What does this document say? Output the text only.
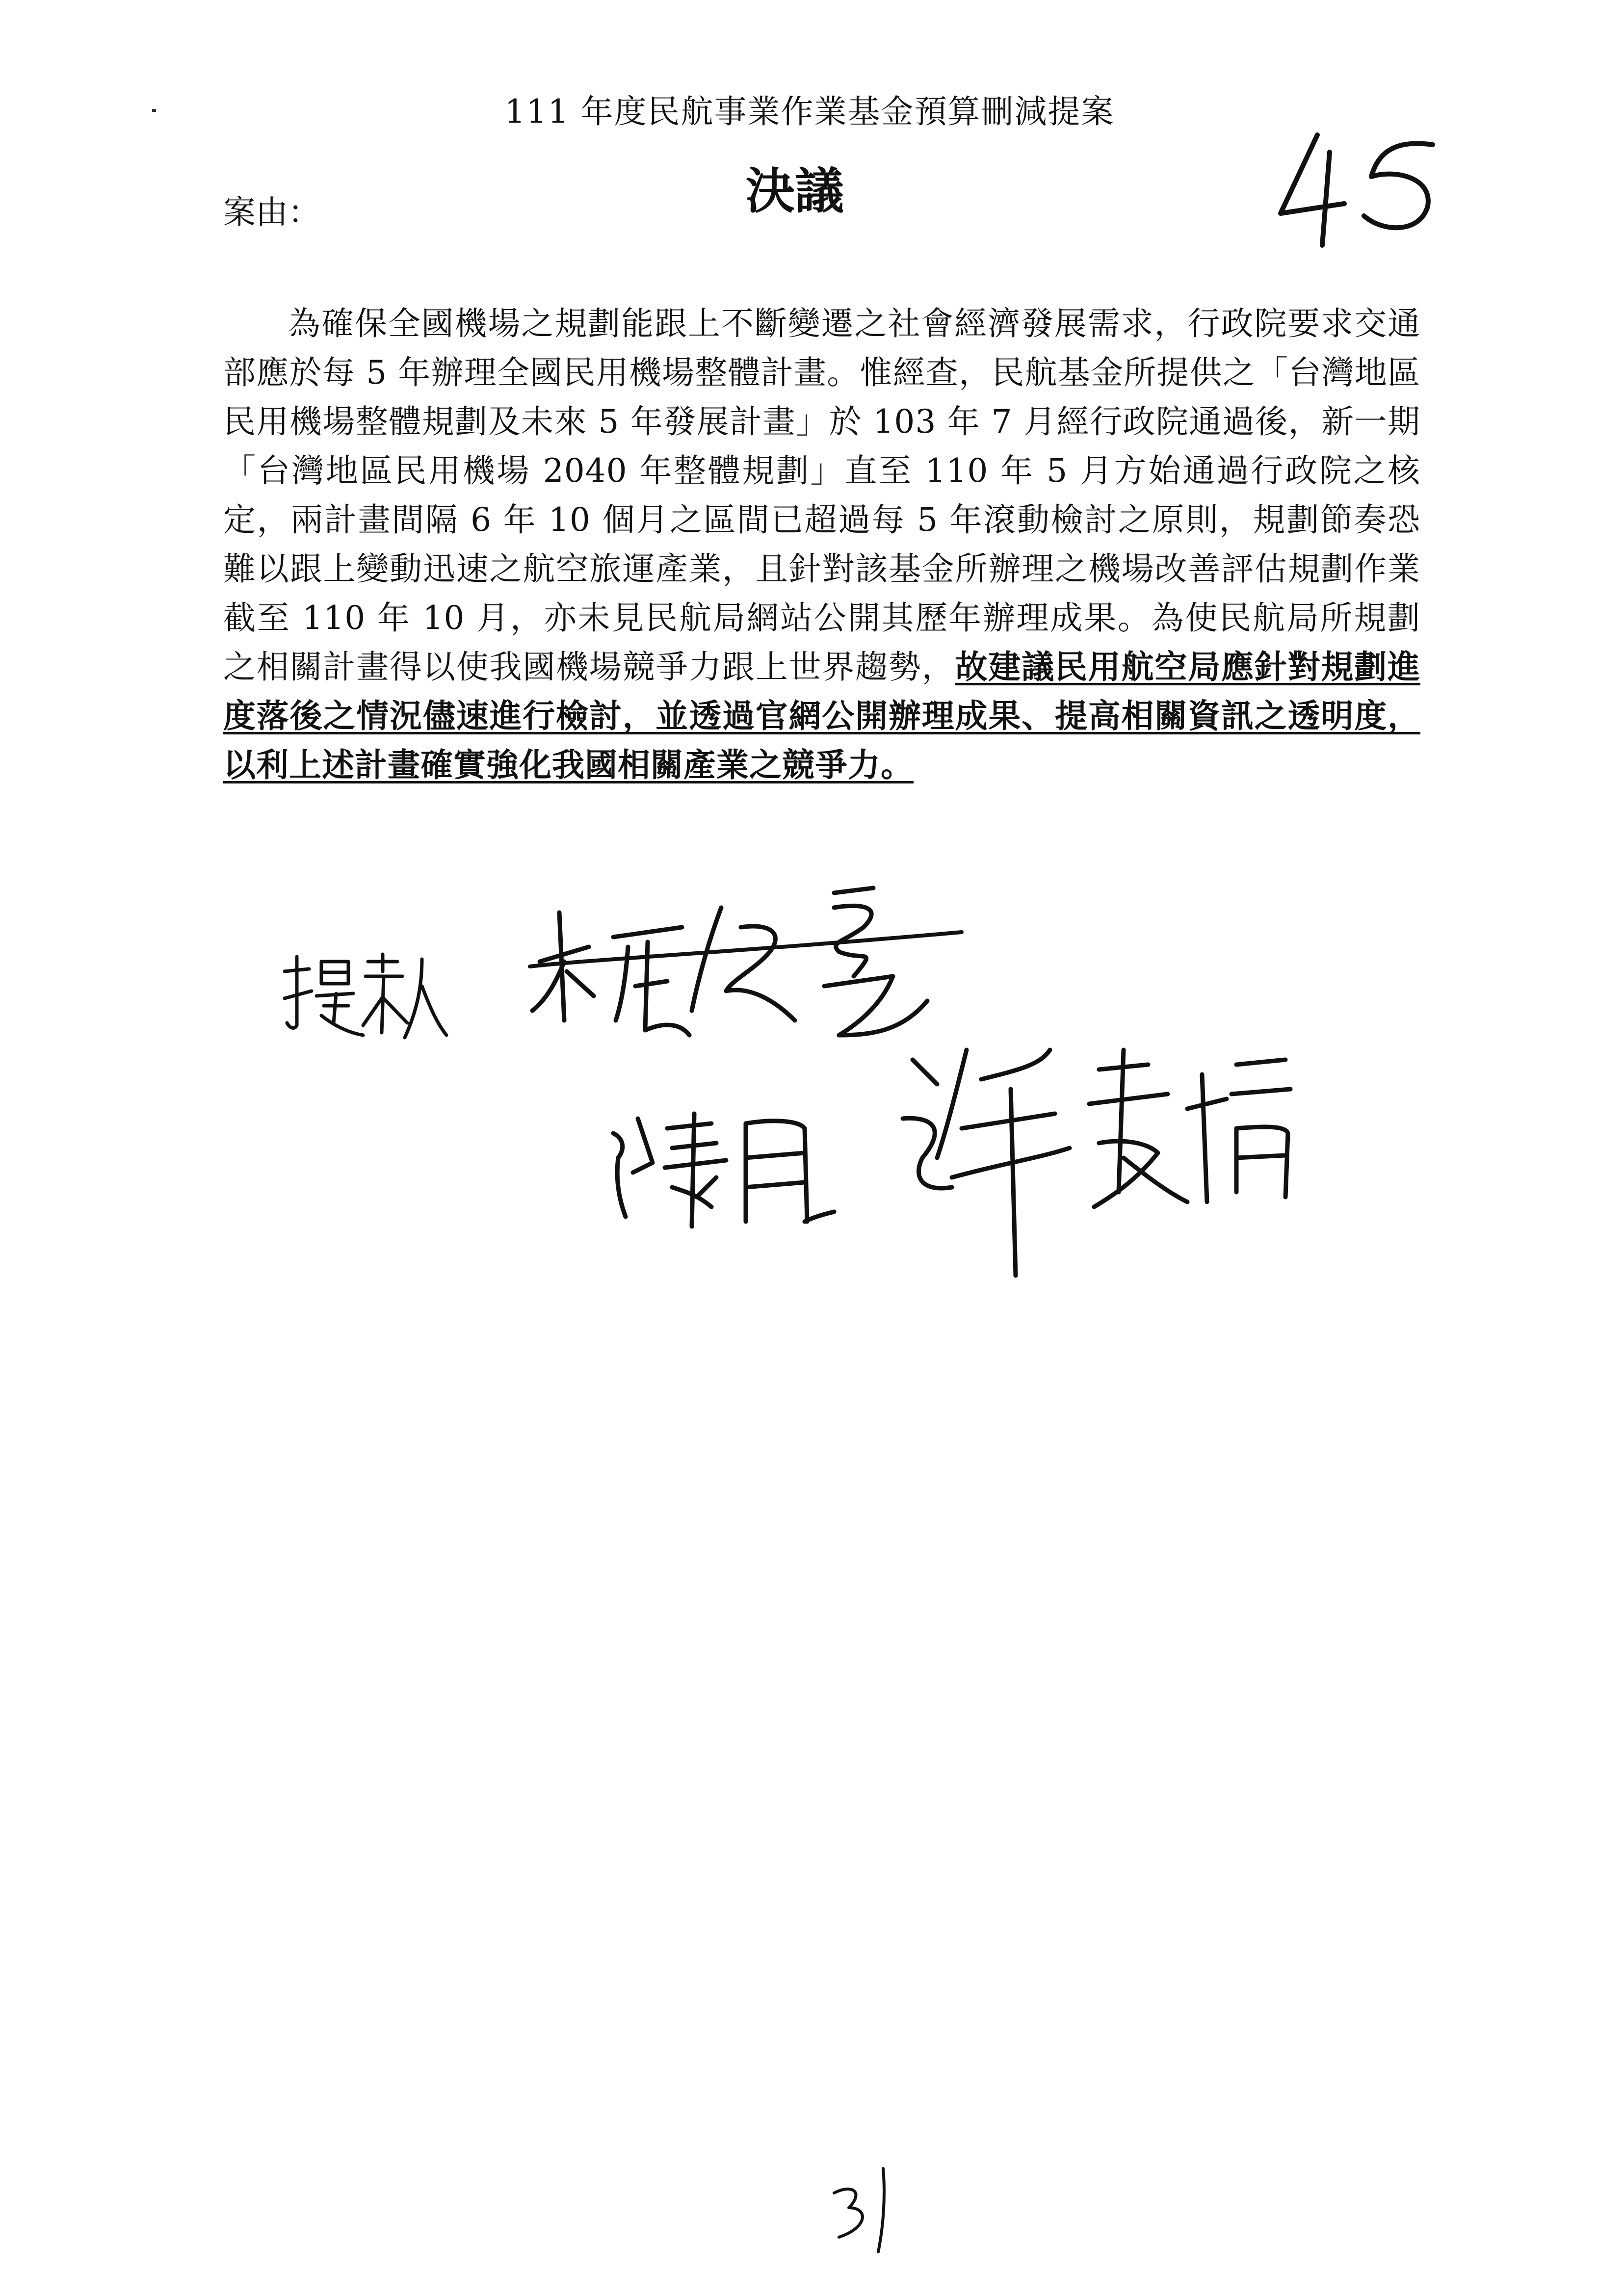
111 年度民航事業作業基金預算刪減提案
決議
案由：
為確保全國機場之規劃能跟上不斷變遷之社會經濟發展需求，行政院要求交通部應於每 5 年辦理全國民用機場整體計畫。惟經查，民航基金所提供之「台灣地區民用機場整體規劃及未來 5 年發展計畫」於 103 年 7 月經行政院通過後，新一期「台灣地區民用機場 2040 年整體規劃」直至 110 年 5 月方始通過行政院之核定，兩計畫間隔 6 年 10 個月之區間已超過每 5 年滾動檢討之原則，規劃節奏恐難以跟上變動迅速之航空旅運產業，且針對該基金所辦理之機場改善評估規劃作業截至 110 年 10 月，亦未見民航局網站公開其歷年辦理成果。為使民航局所規劃之相關計畫得以使我國機場競爭力跟上世界趨勢，故建議民用航空局應針對規劃進度落後之情況儘速進行檢討，並透過官網公開辦理成果、提高相關資訊之透明度，以利上述計畫確實強化我國相關產業之競爭力。
